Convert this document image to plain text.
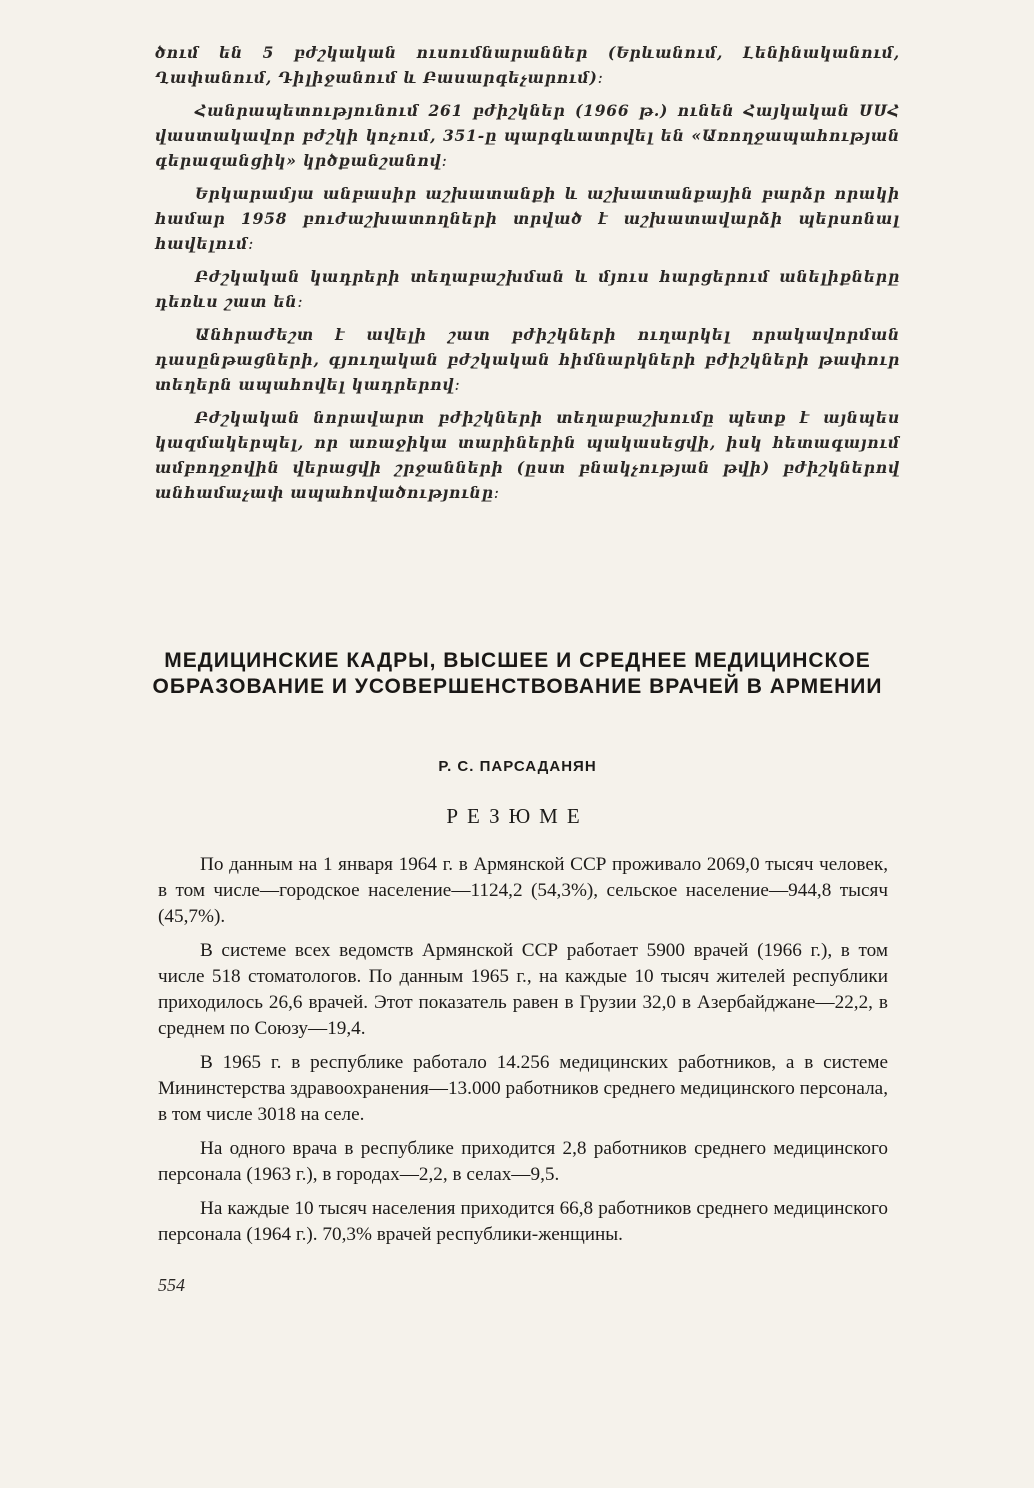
ծում են 5 բժշկական ուսումնարաններ (Երևանում, Լենինականում, Ղափանում, Դիլիջանում և Բասարգեչարում)։

Հանրապետությունում 261 բժիշկներ (1966 թ.) ունեն Հայկական ՍՍՀ վաստակավոր բժշկի կոչում, 351-ը պարգևատրվել են «Առողջապահության գերազանցիկ» կրծքանշանով։

Երկարամյա անբասիր աշխատանքի և աշխատանքային բարձր որակի համար 1958 բուժաշխատողների տրված է աշխատավարձի պերսոնալ հավելում։

Բժշկական կադրերի տեղաբաշխման և մյուս հարցերում անելիքները դեռևս շատ են։

Անհրաժեշտ է ավելի շատ բժիշկների ուղարկել որակավորման դասընթացների, գյուղական բժշկական հիմնարկների բժիշկների թափուր տեղերն ապահովել կադրերով։

Բժշկական նորավարտ բժիշկների տեղաբաշխումը պետք է այնպես կազմակերպել, որ առաջիկա տարիներին պակասեցվի, իսկ հետագայում ամբողջովին վերացվի շրջանների (ըստ բնակչության թվի) բժիշկներով անհամաչափ ապահովածությունը։

МЕДИЦИНСКИЕ КАДРЫ, ВЫСШЕЕ И СРЕДНЕЕ МЕДИЦИНСКОЕ ОБРАЗОВАНИЕ И УСОВЕРШЕНСТВОВАНИЕ ВРАЧЕЙ В АРМЕНИИ
Р. С. ПАРСАДАНЯН
РЕЗЮМЕ

По данным на 1 января 1964 г. в Армянской ССР проживало 2069,0 тысяч человек, в том числе—городское население—1124,2 (54,3%), сельское население—944,8 тысяч (45,7%).

В системе всех ведомств Армянской ССР работает 5900 врачей (1966 г.), в том числе 518 стоматологов. По данным 1965 г., на каждые 10 тысяч жителей республики приходилось 26,6 врачей. Этот показатель равен в Грузии 32,0 в Азербайджане—22,2, в среднем по Союзу—19,4.

В 1965 г. в республике работало 14.256 медицинских работников, а в системе Мининстерства здравоохранения—13.000 работников среднего медицинского персонала, в том числе 3018 на селе.

На одного врача в республике приходится 2,8 работников среднего медицинского персонала (1963 г.), в городах—2,2, в селах—9,5.

На каждые 10 тысяч населения приходится 66,8 работников среднего медицинского персонала (1964 г.). 70,3% врачей республики-женщины.

554
